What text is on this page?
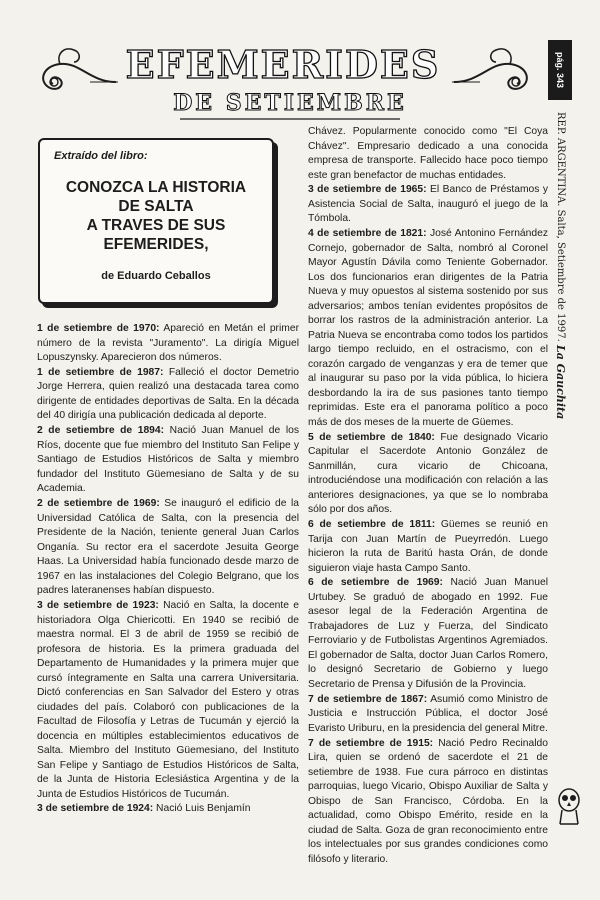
EFEMERIDES
DE SETIEMBRE
pág. 343
REP. ARGENTINA. Salta, Setiembre de 1997. La Gauchita
Extraído del libro:
CONOZCA LA HISTORIA
DE SALTA
A TRAVES DE SUS
EFEMERIDES,
de Eduardo Ceballos

1 de setiembre de 1970: Apareció en Metán el primer número de la revista "Juramento". La dirigía Miguel Lopuszynsky. Aparecieron dos números.

1 de setiembre de 1987: Falleció el doctor Demetrio Jorge Herrera, quien realizó una destacada tarea como dirigente de entidades deportivas de Salta. En la década del 40 dirigía una publicación dedicada al deporte.

2 de setiembre de 1894: Nació Juan Manuel de los Ríos, docente que fue miembro del Instituto San Felipe y Santiago de Estudios Históricos de Salta y miembro fundador del Instituto Güemesiano de Salta y de su Academia.

2 de setiembre de 1969: Se inauguró el edificio de la Universidad Católica de Salta, con la presencia del Presidente de la Nación, teniente general Juan Carlos Onganía. Su rector era el sacerdote Jesuita George Haas. La Universidad había funcionado desde marzo de 1967 en las instalaciones del Colegio Belgrano, que los padres lateranenses habían dispuesto.

3 de setiembre de 1923: Nació en Salta, la docente e historiadora Olga Chiericotti. En 1940 se recibió de maestra normal. El 3 de abril de 1959 se recibió de profesora de historia. Es la primera graduada del Departamento de Humanidades y la primera mujer que cursó íntegramente en Salta una carrera Universitaria. Dictó conferencias en San Salvador del Estero y otras ciudades del país. Colaboró con publicaciones de la Facultad de Filosofía y Letras de Tucumán y ejerció la docencia en múltiples establecimientos educativos de Salta. Miembro del Instituto Güemesiano, del Instituto San Felipe y Santiago de Estudios Históricos de Salta, de la Junta de Historia Eclesiástica Argentina y de la Junta de Estudios Históricos de Tucumán.

3 de setiembre de 1924: Nació Luis Benjamín

Chávez. Popularmente conocido como "El Coya Chávez". Empresario dedicado a una conocida empresa de transporte. Fallecido hace poco tiempo este gran benefactor de muchas entidades.

3 de setiembre de 1965: El Banco de Préstamos y Asistencia Social de Salta, inauguró el juego de la Tómbola.

4 de setiembre de 1821: José Antonino Fernández Cornejo, gobernador de Salta, nombró al Coronel Mayor Agustín Dávila como Teniente Gobernador. Los dos funcionarios eran dirigentes de la Patria Nueva y muy opuestos al sistema sostenido por sus adversarios; ambos tenían evidentes propósitos de borrar los rastros de la administración anterior. La Patria Nueva se encontraba como todos los partidos largo tiempo recluido, en el ostracismo, con el corazón cargado de venganzas y era de temer que al inaugurar su paso por la vida pública, lo hiciera desbordando la ira de sus pasiones tanto tiempo reprimidas. Este era el panorama político a poco más de dos meses de la muerte de Güemes.

5 de setiembre de 1840: Fue designado Vicario Capitular el Sacerdote Antonio González de Sanmillán, cura vicario de Chicoana, introduciéndose una modificación con relación a las anteriores designaciones, ya que se lo nombraba sólo por dos años.

6 de setiembre de 1811: Güemes se reunió en Tarija con Juan Martín de Pueyrredón. Luego hicieron la ruta de Baritú hasta Orán, de donde siguieron viaje hasta Campo Santo.

6 de setiembre de 1969: Nació Juan Manuel Urtubey. Se graduó de abogado en 1992. Fue asesor legal de la Federación Argentina de Trabajadores de Luz y Fuerza, del Sindicato Ferroviario y de Futbolistas Argentinos Agremiados. El gobernador de Salta, doctor Juan Carlos Romero, lo designó Secretario de Gobierno y luego Secretario de Prensa y Difusión de la Provincia.

7 de setiembre de 1867: Asumió como Ministro de Justicia e Instrucción Pública, el doctor José Evaristo Uriburu, en la presidencia del general Mitre.

7 de setiembre de 1915: Nació Pedro Recinaldo Lira, quien se ordenó de sacerdote el 21 de setiembre de 1938. Fue cura párroco en distintas parroquias, luego Vicario, Obispo Auxiliar de Salta y Obispo de San Francisco, Córdoba. En la actualidad, como Obispo Emérito, reside en la ciudad de Salta. Goza de gran reconocimiento entre los intelectuales por sus grandes condiciones como filósofo y literario.
